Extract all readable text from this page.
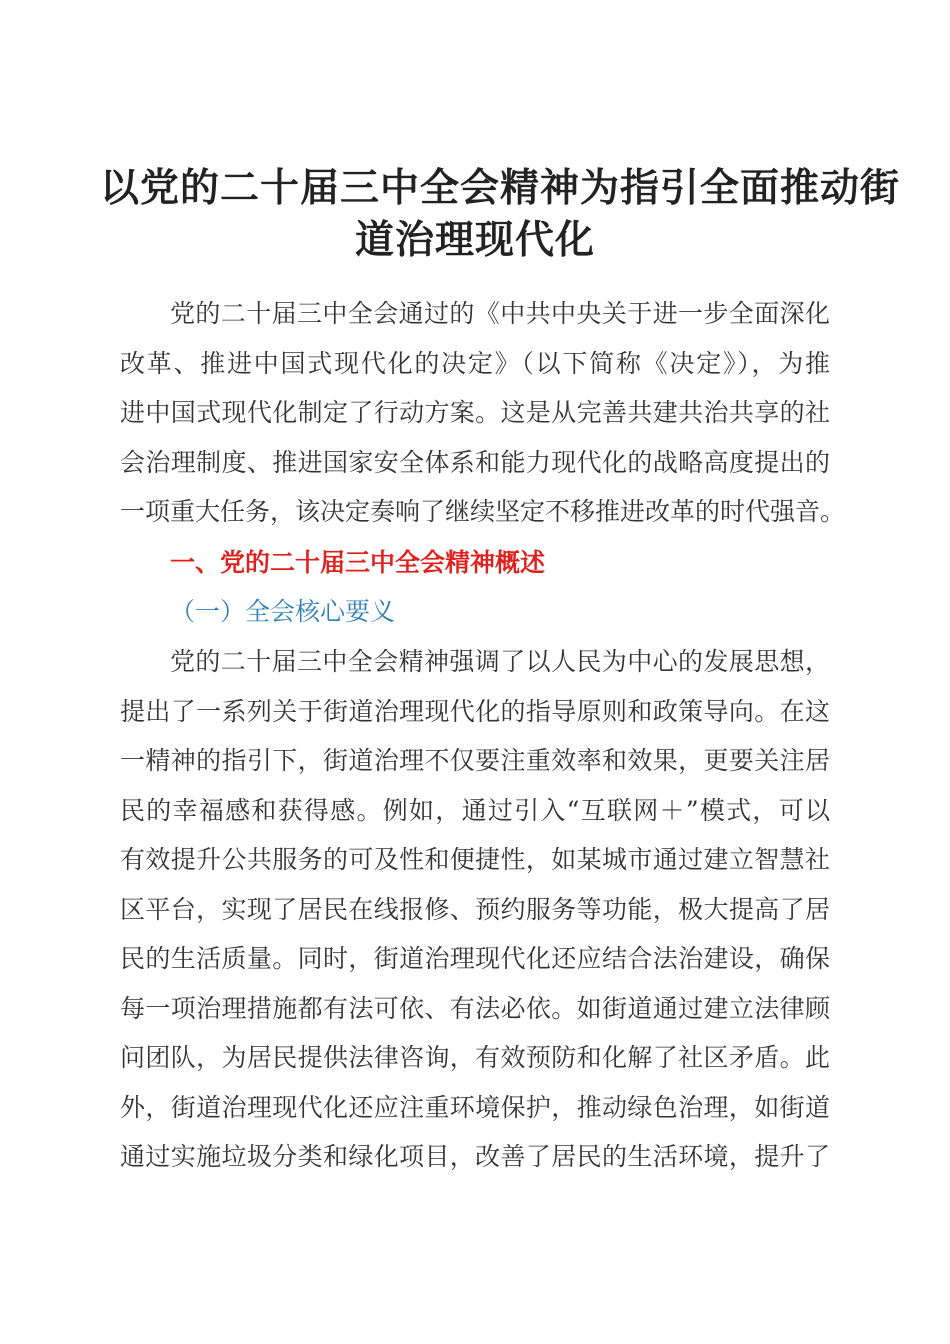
以党的二十届三中全会精神为指引全面推动街
道治理现代化
党的二十届三中全会通过的《中共中央关于进一步全面深化
改革、推进中国式现代化的决定》（以下简称《决定》），为推
进中国式现代化制定了行动方案。这是从完善共建共治共享的社
会治理制度、推进国家安全体系和能力现代化的战略高度提出的
一项重大任务，该决定奏响了继续坚定不移推进改革的时代强音。
一、党的二十届三中全会精神概述
（一）全会核心要义
党的二十届三中全会精神强调了以人民为中心的发展思想，
提出了一系列关于街道治理现代化的指导原则和政策导向。在这
一精神的指引下，街道治理不仅要注重效率和效果，更要关注居
民的幸福感和获得感。例如，通过引入“互联网＋”模式，可以
有效提升公共服务的可及性和便捷性，如某城市通过建立智慧社
区平台，实现了居民在线报修、预约服务等功能，极大提高了居
民的生活质量。同时，街道治理现代化还应结合法治建设，确保
每一项治理措施都有法可依、有法必依。如街道通过建立法律顾
问团队，为居民提供法律咨询，有效预防和化解了社区矛盾。此
外，街道治理现代化还应注重环境保护，推动绿色治理，如街道
通过实施垃圾分类和绿化项目，改善了居民的生活环境，提升了
